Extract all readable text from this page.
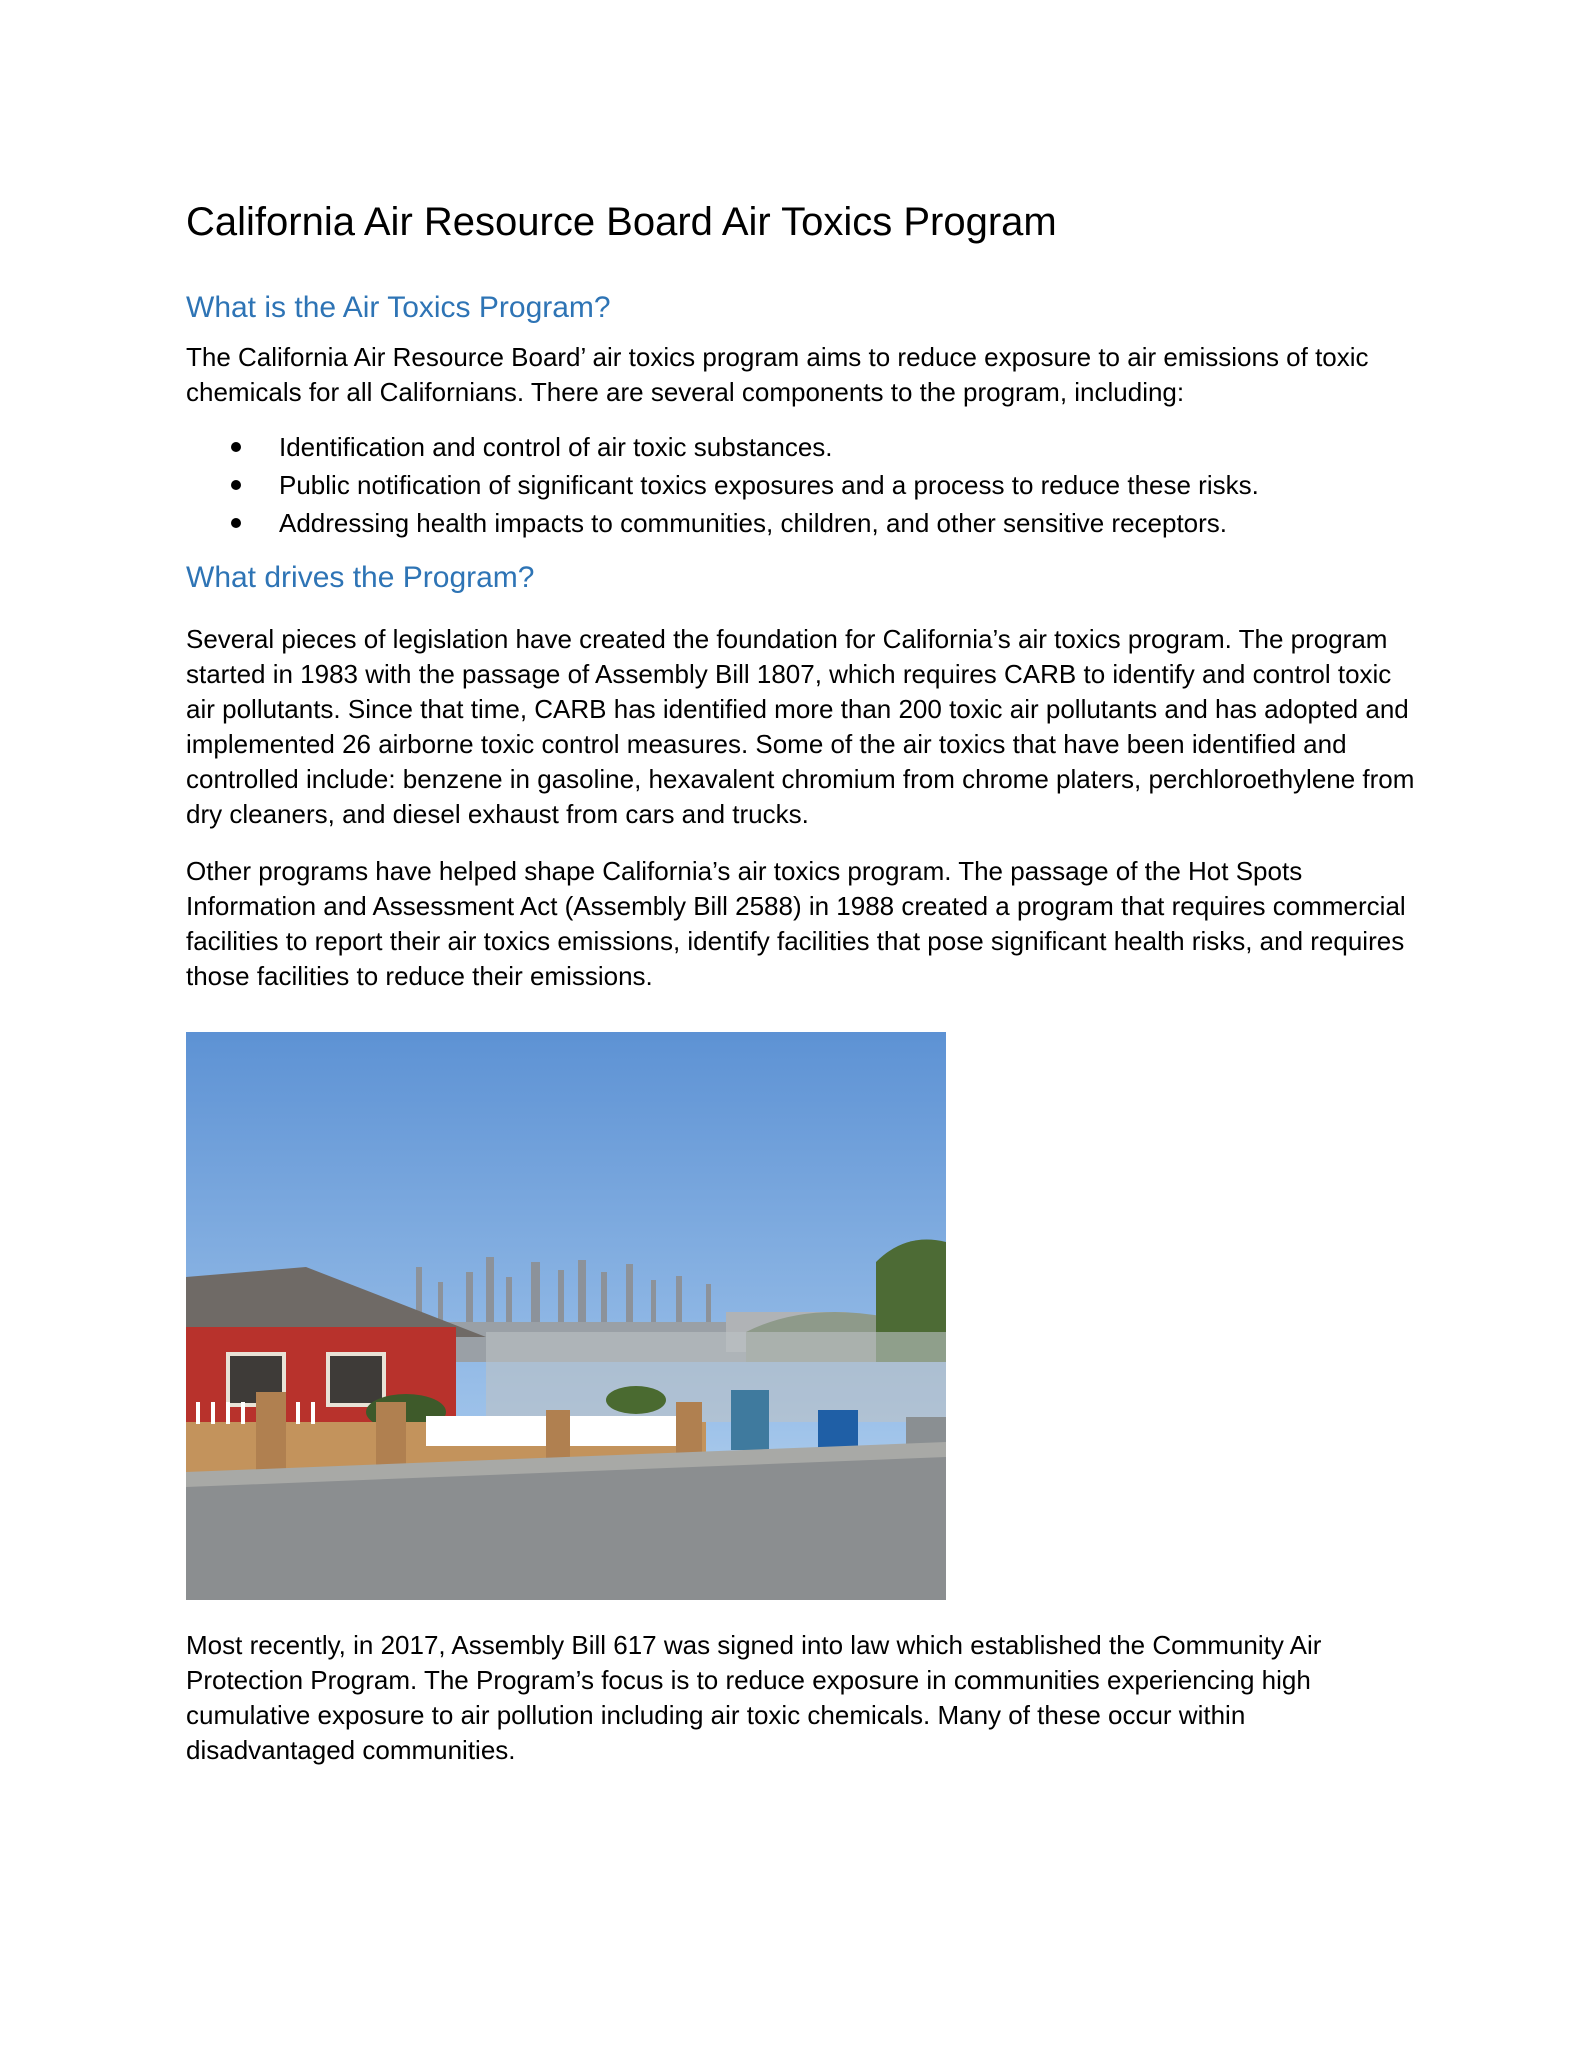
California Air Resource Board Air Toxics Program
What is the Air Toxics Program?

The California Air Resource Board’ air toxics program aims to reduce exposure to air emissions of toxic chemicals for all Californians. There are several components to the program, including:

Identification and control of air toxic substances.
Public notification of significant toxics exposures and a process to reduce these risks.
Addressing health impacts to communities, children, and other sensitive receptors.
What drives the Program?

Several pieces of legislation have created the foundation for California’s air toxics program. The program started in 1983 with the passage of Assembly Bill 1807, which requires CARB to identify and control toxic air pollutants. Since that time, CARB has identified more than 200 toxic air pollutants and has adopted and implemented 26 airborne toxic control measures. Some of the air toxics that have been identified and controlled include: benzene in gasoline, hexavalent chromium from chrome platers, perchloroethylene from dry cleaners, and diesel exhaust from cars and trucks.

Other programs have helped shape California’s air toxics program. The passage of the Hot Spots Information and Assessment Act (Assembly Bill 2588) in 1988 created a program that requires commercial facilities to report their air toxics emissions, identify facilities that pose significant health risks, and requires those facilities to reduce their emissions.

Most recently, in 2017, Assembly Bill 617 was signed into law which established the Community Air Protection Program. The Program’s focus is to reduce exposure in communities experiencing high cumulative exposure to air pollution including air toxic chemicals. Many of these occur within disadvantaged communities.
